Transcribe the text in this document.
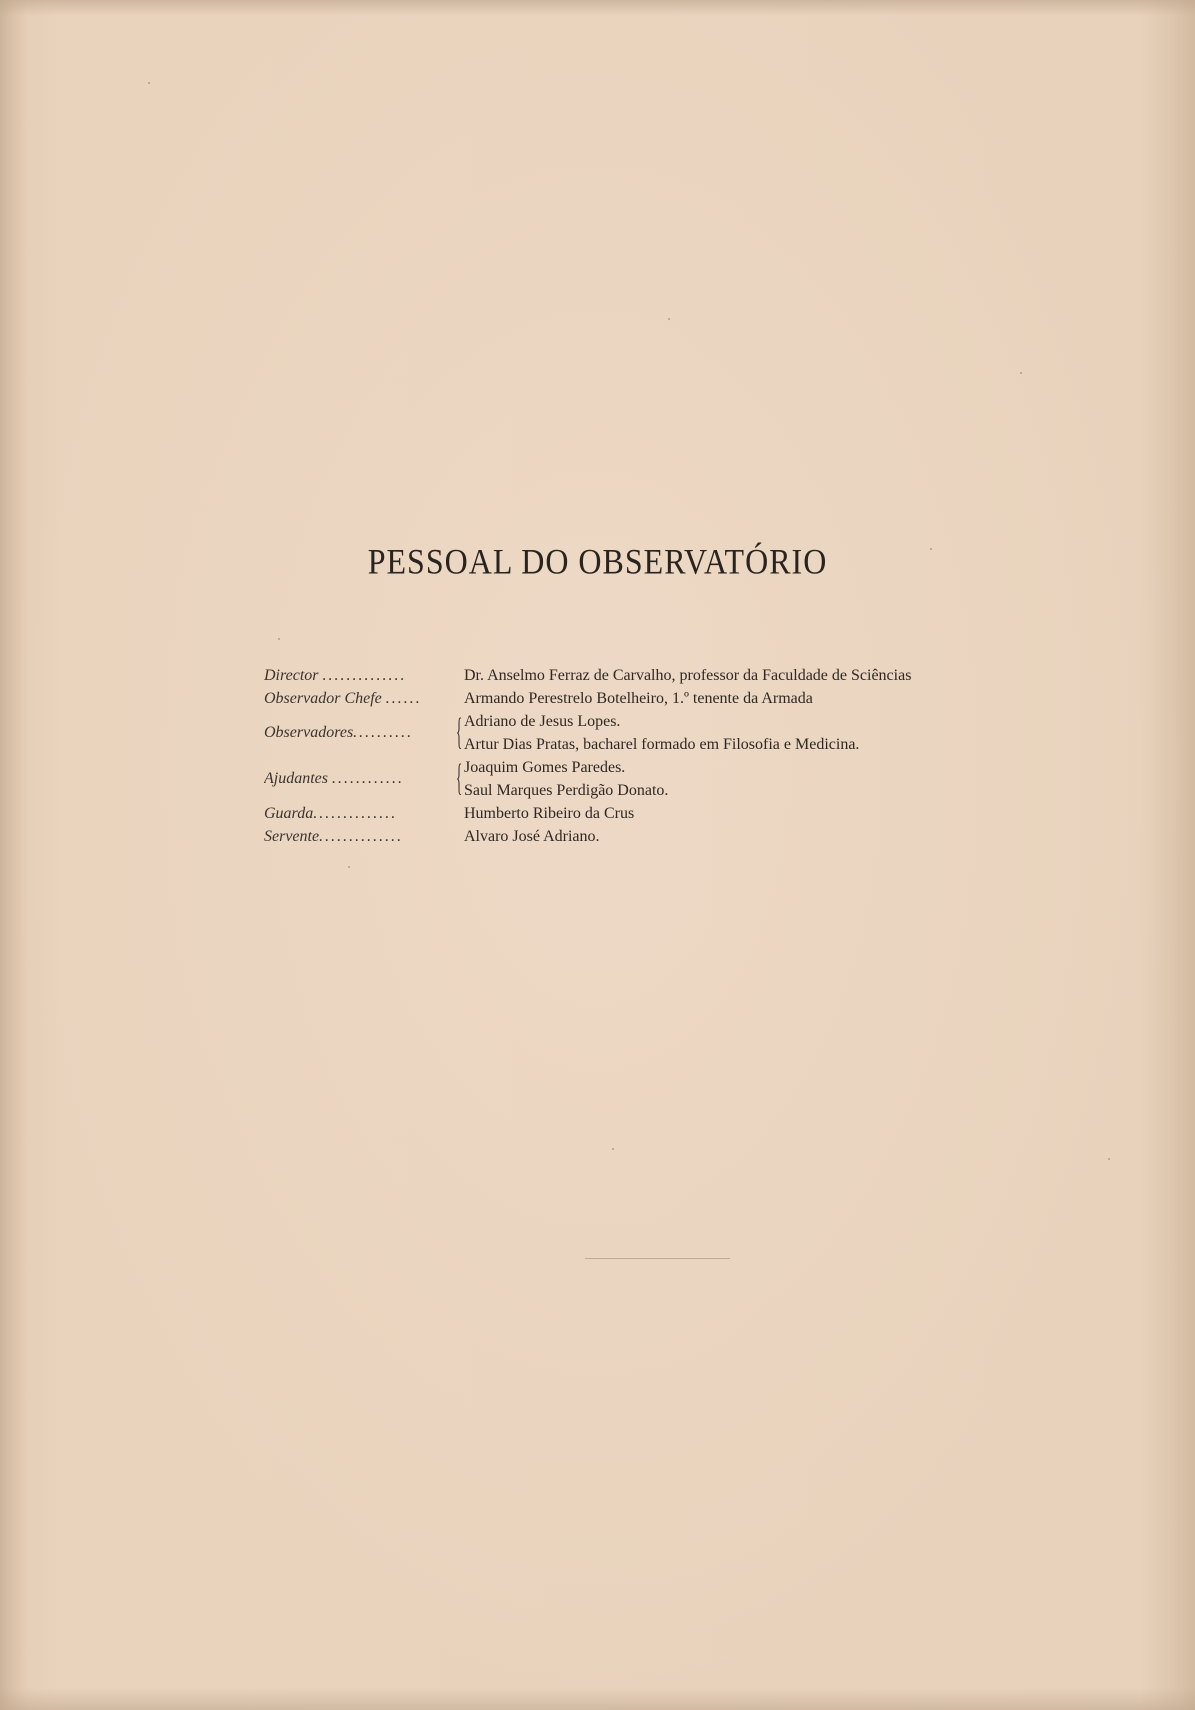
PESSOAL DO OBSERVATÓRIO
Director ..............	Dr. Anselmo Ferraz de Carvalho, professor da Faculdade de Sciências
Observador Chefe ......	Armando Perestrelo Botelheiro, 1.º tenente da Armada
Observadores..........	{ Adriano de Jesus Lopes.
Artur Dias Pratas, bacharel formado em Filosofia e Medicina.
Ajudantes ............	{ Joaquim Gomes Paredes.
Saul Marques Perdigão Donato.
Guarda..............	Humberto Ribeiro da Crus
Servente..............	Alvaro José Adriano.
